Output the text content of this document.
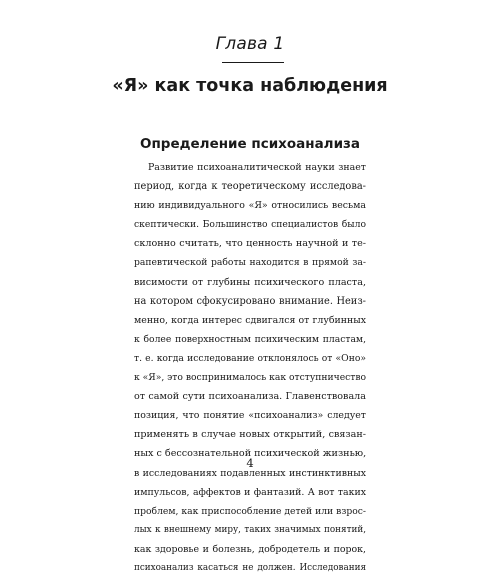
Глава 1
«Я» как точка наблюдения
Определение психоанализа
Развитие психоаналитической науки знает
период, когда к теоретическому исследова-
нию индивидуального «Я» относились весьма
скептически. Большинство специалистов было
склонно считать, что ценность научной и те-
рапевтической работы находится в прямой за-
висимости от глубины психического пласта,
на котором сфокусировано внимание. Неиз-
менно, когда интерес сдвигался от глубинных
к более поверхностным психическим пластам,
т. е. когда исследование отклонялось от «Оно»
к «Я», это воспринималось как отступничество
от самой сути психоанализа. Главенствовала
позиция, что понятие «психоанализ» следует
применять в случае новых открытий, связан-
ных с бессознательной психической жизнью,
в исследованиях подавленных инстинктивных
импульсов, аффектов и фантазий. А вот таких
проблем, как приспособление детей или взрос-
лых к внешнему миру, таких значимых понятий,
как здоровье и болезнь, добродетель и порок,
психоанализ касаться не должен. Исследования
4
